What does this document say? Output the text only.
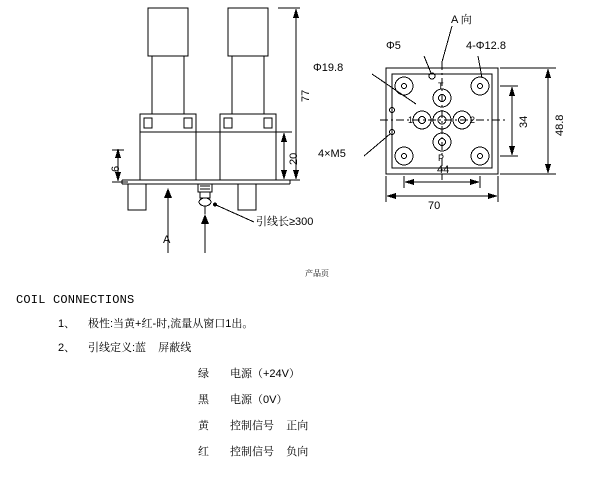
A 向
Φ5	4-Φ12.8
Φ19.8
4×M5
1	2
P
T
44
70
34 48.8
77
20
6
引线长≥300
A
产品页
COIL CONNECTIONS
1、 极性:当黄+红-时,流量从窗口1出。
2、 引线定义:蓝    屏蔽线
绿 电源（+24V）
黑 电源（0V）
黄 控制信号    正向
红 控制信号    负向
